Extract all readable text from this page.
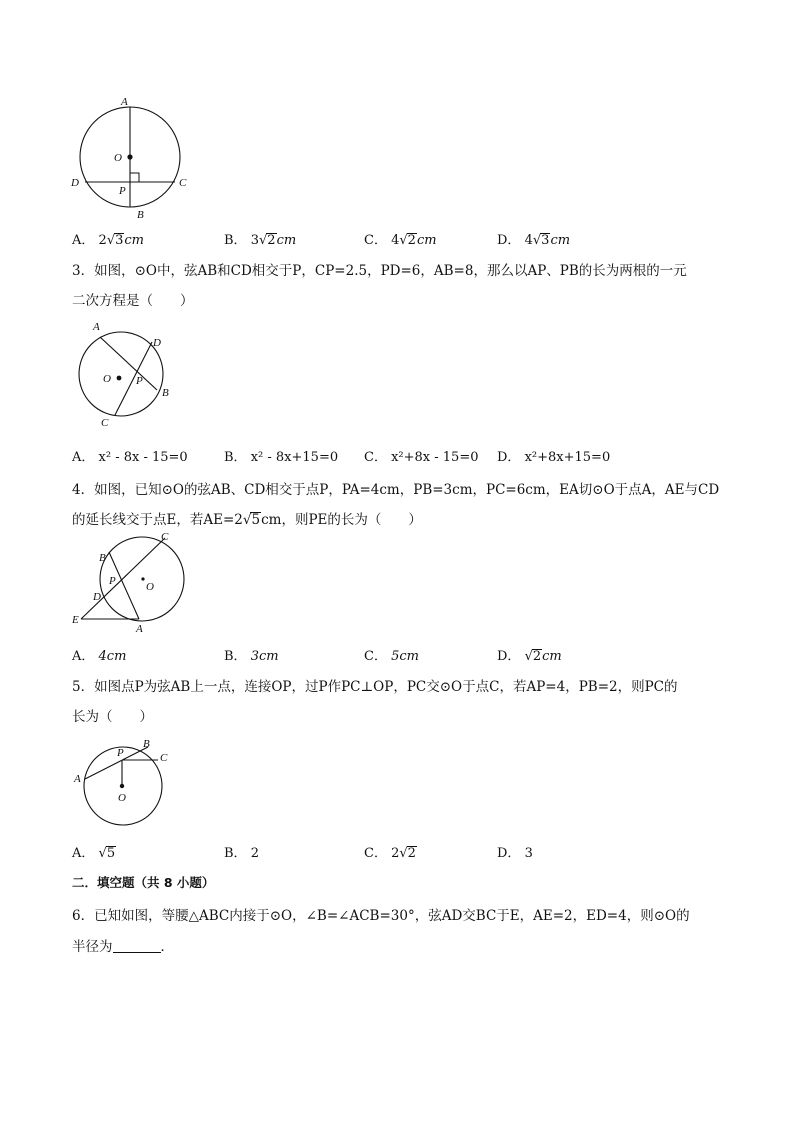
A
O
D
P
C
B
A． 2√3cm	B． 3√2cm	C． 4√2cm	D． 4√3cm
3．如图，⊙O中，弦AB和CD相交于P，CP=2.5，PD=6，AB=8，那么以AP、PB的长为两根的一元
二次方程是（　　）
A
D
O P
B
C
A． x² - 8x - 15=0	B． x² - 8x+15=0 C． x²+8x - 15=0 D． x²+8x+15=0
4．如图，已知⊙O的弦AB、CD相交于点P，PA=4cm，PB=3cm，PC=6cm，EA切⊙O于点A，AE与CD
的延长线交于点E，若AE=2√5cm，则PE的长为（　　）
C
B
P	O
D
E
A
A． 4cm	B． 3cm	C． 5cm	D． √2cm
5．如图点P为弦AB上一点，连接OP，过P作PC⊥OP，PC交⊙O于点C，若AP=4，PB=2，则PC的
长为（　　）
P
B
C
A
O
A． √5	B． 2	C． 2√2	D． 3
二．填空题（共 8 小题）
6．已知如图，等腰△ABC内接于⊙O，∠B=∠ACB=30°，弦AD交BC于E，AE=2，ED=4，则⊙O的
半径为	．
